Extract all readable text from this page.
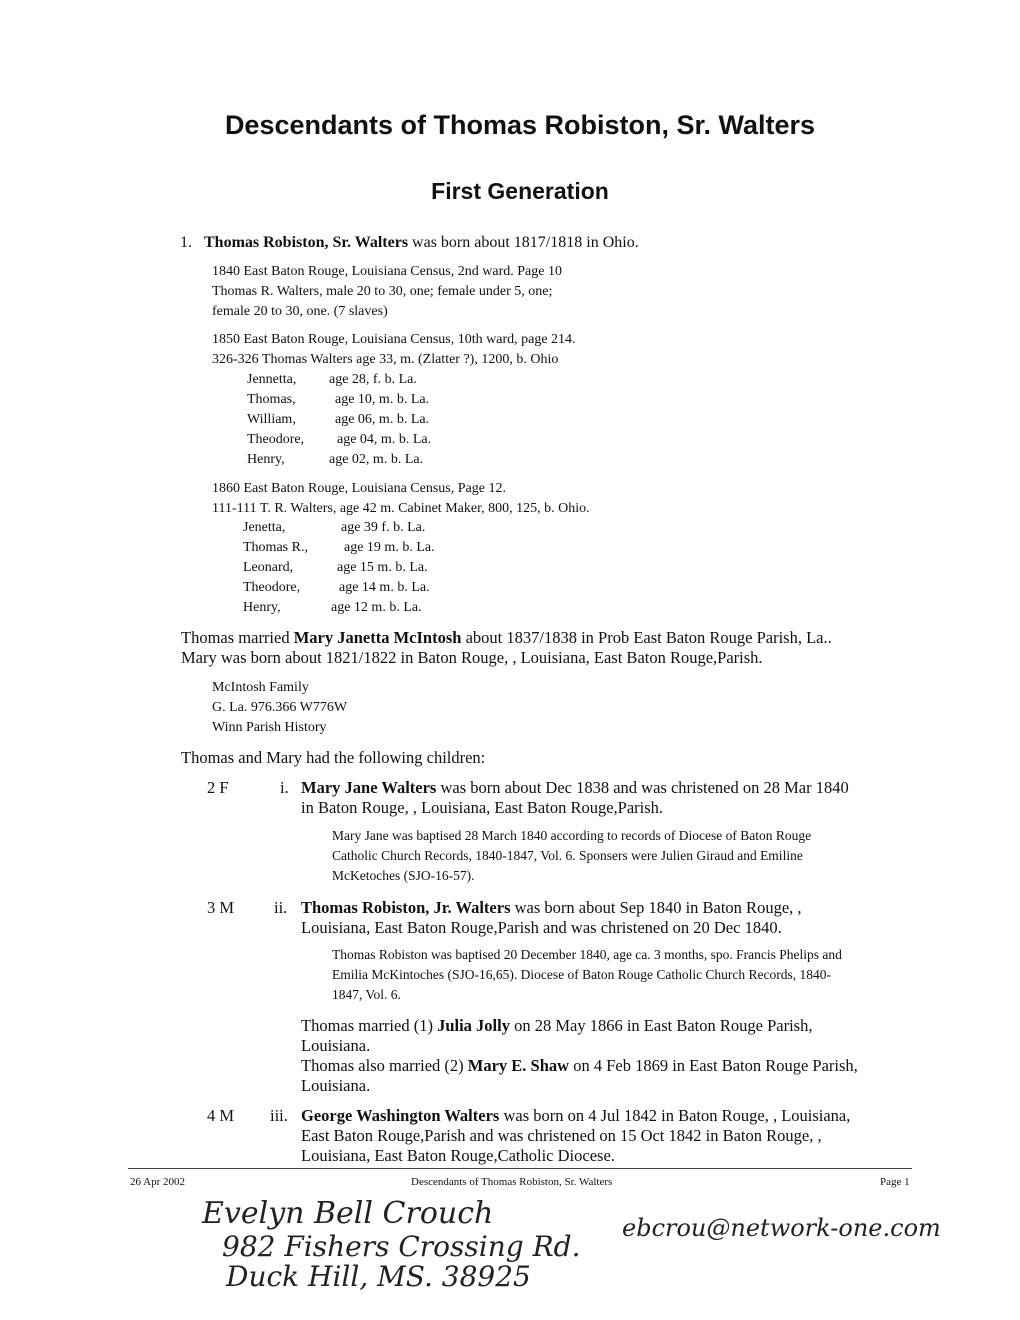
Descendants of Thomas Robiston, Sr. Walters
First Generation
1. Thomas Robiston, Sr. Walters was born about 1817/1818 in Ohio.
1840 East Baton Rouge, Louisiana Census, 2nd ward. Page 10
Thomas R. Walters, male 20 to 30, one; female under 5, one;
female 20 to 30, one. (7 slaves)
1850 East Baton Rouge, Louisiana Census, 10th ward, page 214.
326-326 Thomas Walters age 33, m. (Zlatter ?), 1200, b. Ohio
Jennetta, age 28, f. b. La.
Thomas,	age 10, m. b. La.
William,	age 06, m. b. La.
Theodore, age 04, m. b. La.
Henry,	age 02, m. b. La.
1860 East Baton Rouge, Louisiana Census, Page 12.
111-111 T. R. Walters, age 42 m. Cabinet Maker, 800, 125, b. Ohio.
Jenetta,	age 39 f. b. La.
Thomas R.,	age 19 m. b. La.
Leonard,	age 15 m. b. La.
Theodore,	age 14 m. b. La.
Henry,	age 12 m. b. La.
Thomas married Mary Janetta McIntosh about 1837/1838 in Prob East Baton Rouge Parish, La..
Mary was born about 1821/1822 in Baton Rouge, , Louisiana, East Baton Rouge,Parish.
McIntosh Family
G. La. 976.366 W776W
Winn Parish History
Thomas and Mary had the following children:
2 F	i. Mary Jane Walters was born about Dec 1838 and was christened on 28 Mar 1840
in Baton Rouge, , Louisiana, East Baton Rouge,Parish.
Mary Jane was baptised 28 March 1840 according to records of Diocese of Baton Rouge
Catholic Church Records, 1840-1847, Vol. 6. Sponsers were Julien Giraud and Emiline
McKetoches (SJO-16-57).
3 M ii. Thomas Robiston, Jr. Walters was born about Sep 1840 in Baton Rouge, ,
Louisiana, East Baton Rouge,Parish and was christened on 20 Dec 1840.
Thomas Robiston was baptised 20 December 1840, age ca. 3 months, spo. Francis Phelips and
Emilia McKintoches (SJO-16,65). Diocese of Baton Rouge Catholic Church Records, 1840-
1847, Vol. 6.
Thomas married (1) Julia Jolly on 28 May 1866 in East Baton Rouge Parish,
Louisiana.
Thomas also married (2) Mary E. Shaw on 4 Feb 1869 in East Baton Rouge Parish,
Louisiana.
4 M iii. George Washington Walters was born on 4 Jul 1842 in Baton Rouge, , Louisiana,
East Baton Rouge,Parish and was christened on 15 Oct 1842 in Baton Rouge, ,
Louisiana, East Baton Rouge,Catholic Diocese.
26 Apr 2002	Descendants of Thomas Robiston, Sr. Walters	Page 1
Evelyn Bell Crouch
982 Fishers Crossing Rd.
Duck Hill, MS. 38925
ebcrou@network-one.com
